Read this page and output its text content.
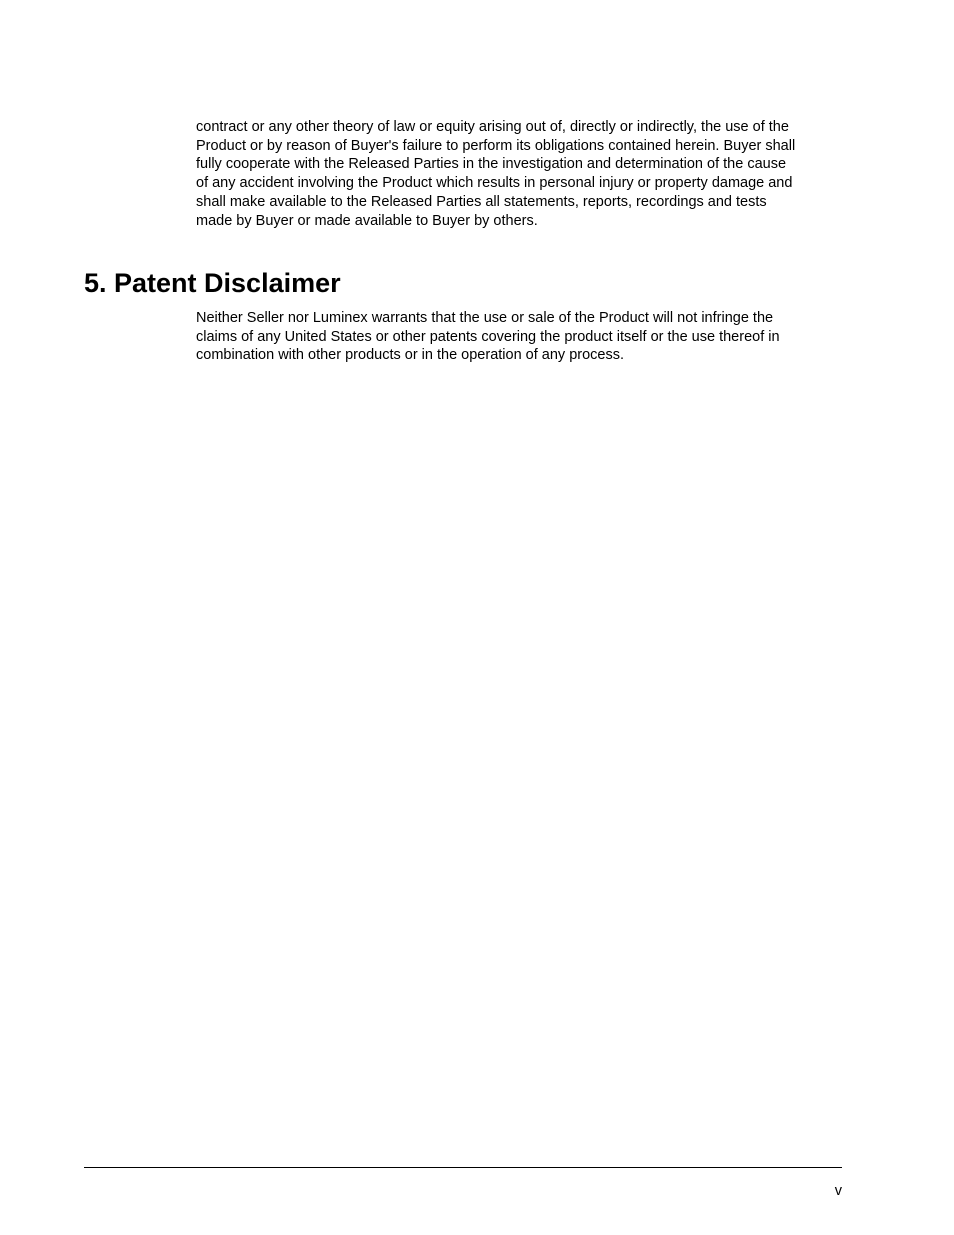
contract or any other theory of law or equity arising out of, directly or indirectly, the use of the
Product or by reason of Buyer's failure to perform its obligations contained herein. Buyer shall
fully cooperate with the Released Parties in the investigation and determination of the cause
of any accident involving the Product which results in personal injury or property damage and
shall make available to the Released Parties all statements, reports, recordings and tests
made by Buyer or made available to Buyer by others.

5. Patent Disclaimer

Neither Seller nor Luminex warrants that the use or sale of the Product will not infringe the
claims of any United States or other patents covering the product itself or the use thereof in
combination with other products or in the operation of any process.

v
